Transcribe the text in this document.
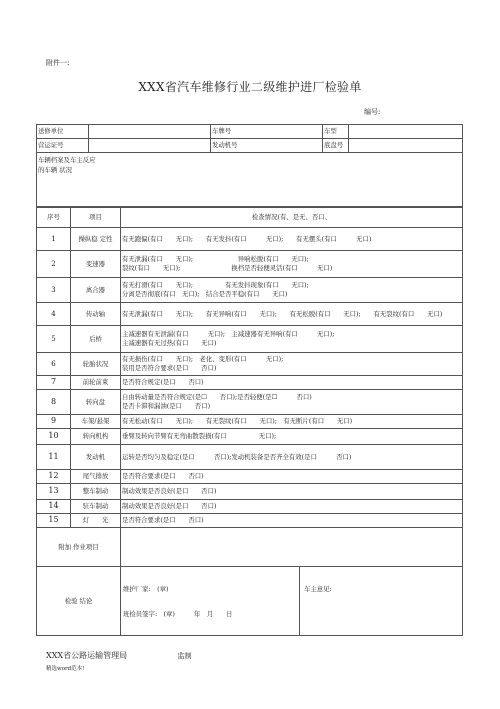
附件一:
XXX省汽车维修行业二级维护进厂检验单
编号:
送修单位		车牌号	车型	
营运证号		发动机号	底盘号	

车辆档案及车主反应的车辆 状况				
序号	项目	检查情况(有、是无、否口、
1	操纵稳 定性	有无跑偏(有口　　无口);　　有无发抖(有口　　　无口);　　有无摆头(有口　　　无口)

2	变速器	有无泄漏(有口　　无口);　　　　　　　异响松脱(有口　　无口);
裂纹(有口　　无口);　　　　　　　　换档是否轻便灵活(有口　　　无口)

3	离合器	有无打滑(有口　　无口);　　　　　有无发抖现象(有口　　无口);
分离是否彻底(有口　无口);　结合是否平稳(有口　　无口)

4	传动轴	有无泄漏(有口　　无口);　　有无异响(有口　　无口);　　有无松脱(有口　　无口);　　有无裂纹(有口　　无口)

5	后桥	主减速器有无泄漏(有口　　　无口);　主减速器有无异响(有口　　　无口);
主减速器有无过热(有口　　无口)

6	轮胎状况	有无损伤(有口　　无口);　老化、变形(有口　　　无口);
装用是否符合要求(是口　　否口)

7	前轮前束	是否符合规定(是口　　否口)

8	转向盘	自由转动量是否符合规定(是☐　　否口);是否轻便(是☐　　　否口)
是否卡滞和漏油(是口　　否口)

9	车架/悬架	有无松动(有口　　无口);　　有无裂纹(有口　　无口);　有无断片(有口　　无口)

10	转向机构	垂臂及转向节臂有无弯曲散裂损(有口　　　　　无口);

11	发动机	运转是否均匀及稳定(是口　　　否口);发动机装备是否齐全有效(是口　　　否口)

12	尾气排放	是否符合要求(是口　　否口)

13	整车制动	制动效果是否良好(是口　　否口)

14	驻车制动	制动效果是否良好(是口　　否口)

15	灯　　光	是否符合要求(是口　　否口)

附加 作业项目		
检验 结论		维护厂家:　(章)
班检员签字:　(章)　　　年　月　　日
车主意见:
XXX省公路运输管理局	监制
精选word范本!
